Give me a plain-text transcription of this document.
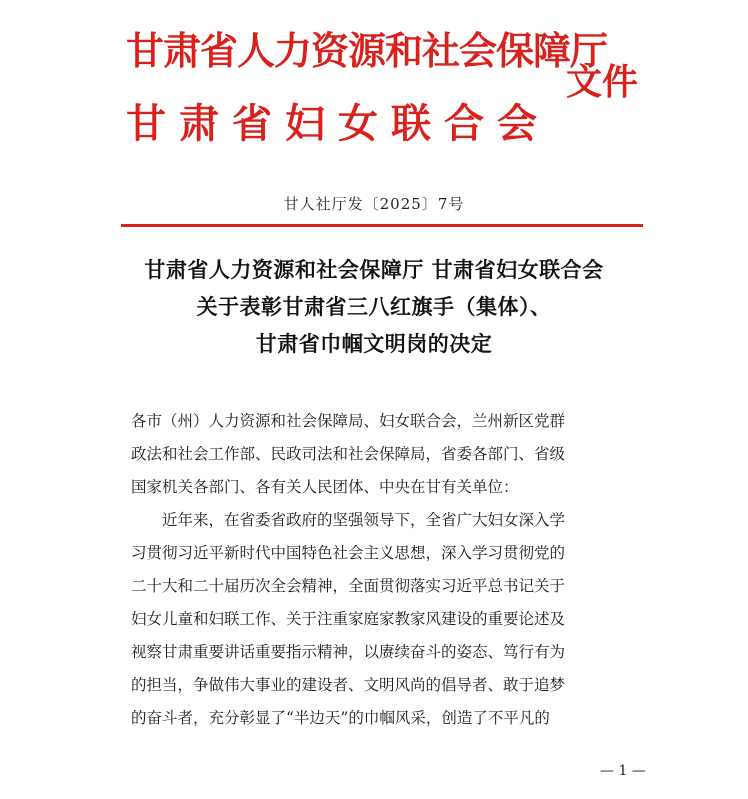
甘肃省人力资源和社会保障厅
甘肃省妇女联合会
文件
甘人社厅发〔2025〕7号
甘肃省人力资源和社会保障厅 甘肃省妇女联合会
关于表彰甘肃省三八红旗手（集体）、
甘肃省巾帼文明岗的决定
各市（州）人力资源和社会保障局、妇女联合会，兰州新区党群
政法和社会工作部、民政司法和社会保障局，省委各部门、省级
国家机关各部门、各有关人民团体、中央在甘有关单位：
　　近年来，在省委省政府的坚强领导下，全省广大妇女深入学
习贯彻习近平新时代中国特色社会主义思想，深入学习贯彻党的
二十大和二十届历次全会精神，全面贯彻落实习近平总书记关于
妇女儿童和妇联工作、关于注重家庭家教家风建设的重要论述及
视察甘肃重要讲话重要指示精神，以赓续奋斗的姿态、笃行有为
的担当，争做伟大事业的建设者、文明风尚的倡导者、敢于追梦
的奋斗者，充分彰显了“半边天”的巾帼风采，创造了不平凡的
— 1 —
